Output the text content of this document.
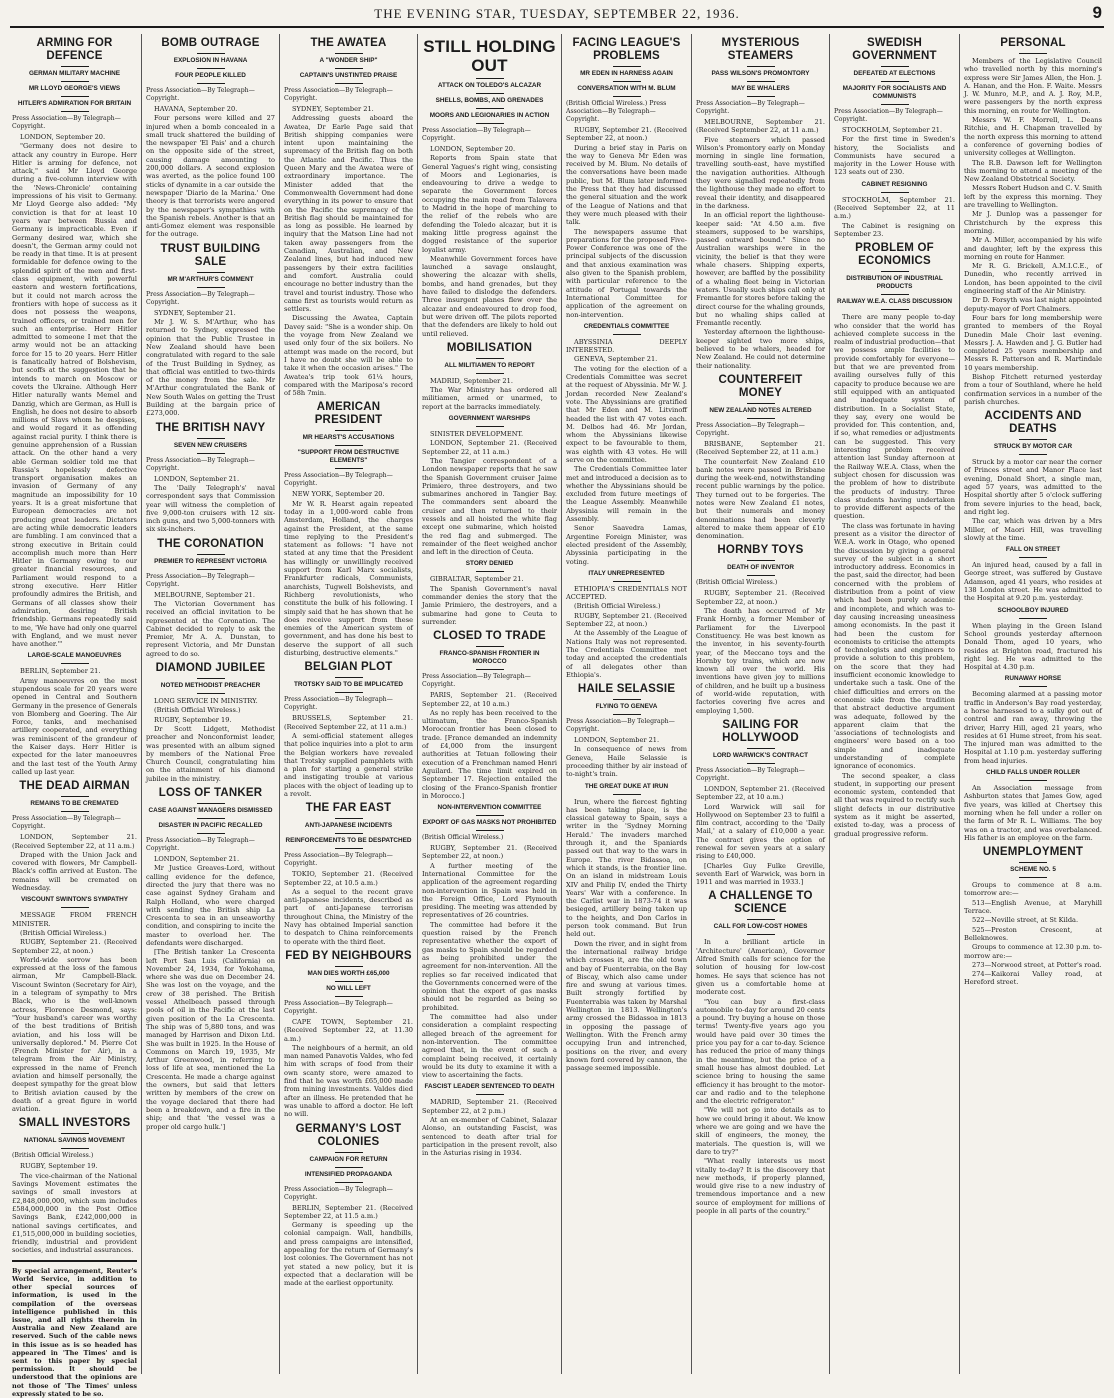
THE EVENING STAR, TUESDAY, SEPTEMBER 22, 1936.	9
ARMING FOR DEFENCE
GERMAN MILITARY MACHINE
MR LLOYD GEORGE'S VIEWS
HITLER'S ADMIRATION FOR BRITAIN
Press Association—By Telegraph—Copyright.

LONDON, September 20.

"Germany does not desire to attack any country in Europe. Herr Hitler is arming for defence, not attack," said Mr Lloyd George during a five-column interview with the 'News-Chronicle' containing impressions of his visit to Germany. Mr Lloyd George also added: "My conviction is that for at least 10 years war between Russia and Germany is impracticable. Even if Germany desired war, which she doesn't, the German army could not be ready in that time. It is at present formidable for defence owing to the splendid spirit of the men and first-class equipment, with powerful eastern and western fortifications, but it could not march across the frontiers with hope of success as it does not possess the weapons, trained officers, or trained men for such an enterprise. Herr Hitler admitted to someone I met that the army would not be an attacking force for 15 to 20 years. Herr Hitler is fanatically hatred of Bolshevism, but scoffs at the suggestion that he intends to march on Moscow or covets the Ukraine. Although Herr Hitler naturally wants Memel and Danzig, which are German, as Hull is English, he does not desire to absorb millions of Slavs whom he despises, and would regard it as offending against racial purity. I think there is genuine apprehension of a Russian attack. On the other hand a very able German soldier told me that Russia's hopelessly defective transport organisation makes an invasion of Germany of any magnitude an impossibility for 10 years. It is a great misfortune that European democracies are not producing great leaders. Dictators are acting while democratic leaders are fumbling. I am convinced that a strong executive in Britain could accomplish much more than Herr Hitler in Germany owing to our greater financial resources, and Parliament would respond to a strong executive. Herr Hitler profoundly admires the British, and Germans of all classes show their admiration, desiring British friendship. Germans repeatedly said to me, 'We have had only one quarrel with England, and we must never have another.'"

LARGE-SCALE MANOEUVRES

BERLIN, September 21.

Army manoeuvres on the most stupendous scale for 20 years were opened in Central and Southern Germany in the presence of Generals von Blomberg and Goering. The Air Force, tanks, and mechanised artillery cooperated, and everything was reminiscent of the grandeur of the Kaiser days. Herr Hitler is expected for the later manoeuvres and the last test of the Youth Army called up last year.

THE DEAD AIRMAN
REMAINS TO BE CREMATED
Press Association—By Telegraph—Copyright.

LONDON, September 21. (Received September 22, at 11 a.m.)

Draped with the Union Jack and covered with flowers, Mr Campbell-Black's coffin arrived at Euston. The remains will be cremated on Wednesday.

VISCOUNT SWINTON'S SYMPATHY

MESSAGE FROM FRENCH MINISTER.

(British Official Wireless.)

RUGBY, September 21. (Received September 22, at noon.)

World-wide sorrow has been expressed at the loss of the famous airman, Mr Campbell-Black. Viscount Swinton (Secretary for Air), in a telegram of sympathy to Mrs Black, who is the well-known actress, Florence Desmond, says: "Your husband's career was worthy of the best traditions of British aviation, and his loss will be universally deplored." M. Pierre Cot (French Minister for Air), in a telegram from the Air Ministry, expressed in the name of French aviation and himself personally, the deepest sympathy for the great blow to British aviation caused by the death of a great figure in world aviation.

SMALL INVESTORS
NATIONAL SAVINGS MOVEMENT
(British Official Wireless.)

RUGBY, September 19.

The vice-chairman of the National Savings Movement estimates the savings of small investors at £2,848,000,000, which sum includes £584,000,000 in the Post Office Savings Bank, £242,000,000 in national savings certificates, and £1,515,000,000 in building societies, friendly, industrial and provident societies, and industrial assurances.

By special arrangement, Reuter's World Service, in addition to other special sources of information, is used in the compilation of the overseas intelligence published in this issue, and all rights therein in Australia and New Zealand are reserved. Such of the cable news in this issue as is so headed has appeared in 'The Times' and is sent to this paper by special permission. It should be understood that the opinions are not those of 'The Times' unless expressly stated to be so.
BOMB OUTRAGE
EXPLOSION IN HAVANA
FOUR PEOPLE KILLED
Press Association—By Telegraph—Copyright.

HAVANA, September 20.

Four persons were killed and 27 injured when a bomb concealed in a small truck shattered the building of the newspaper 'El Pais' and a church on the opposite side of the street, causing damage amounting to 200,000 dollars. A second explosion was averted, as the police found 100 sticks of dynamite in a car outside the newspaper 'Diario de la Marina.' One theory is that terrorists were angered by the newspaper's sympathies with the Spanish rebels. Another is that an anti-Gomez element was responsible for the outrage.

TRUST BUILDING SALE
MR M'ARTHUR'S COMMENT
Press Association—By Telegraph—Copyright.

SYDNEY, September 21.

Mr J. W. S. M'Arthur, who has returned to Sydney, expressed the opinion that the Public Trustee in New Zealand should have been congratulated with regard to the sale of the Trust Building in Sydney, as that official was entitled to two-thirds of the money from the sale. Mr M'Arthur congratulated the Bank of New South Wales on getting the Trust Building at the bargain price of £273,000.

THE BRITISH NAVY
SEVEN NEW CRUISERS
Press Association—By Telegraph—Copyright.

LONDON, September 21.

The 'Daily Telegraph's' naval correspondent says that Commission year will witness the completion of five 9,000-ton cruisers with 12 six-inch guns, and two 5,000-tonners with six six-inchers.

THE CORONATION
PREMIER TO REPRESENT VICTORIA
Press Association—By Telegraph—Copyright.

MELBOURNE, September 21.

The Victorian Government has received an official invitation to be represented at the Coronation. The Cabinet decided to reply to ask the Premier, Mr A. A. Dunstan, to represent Victoria, and Mr Dunstan agreed to do so.

DIAMOND JUBILEE
NOTED METHODIST PREACHER

LONG SERVICE IN MINISTRY.

(British Official Wireless.)

RUGBY, September 19.

Dr Scott Lidgett, Methodist preacher and Nonconformist leader, was presented with an album signed by members of the National Free Church Council, congratulating him on the attainment of his diamond jubilee in the ministry.

LOSS OF TANKER
CASE AGAINST MANAGERS DISMISSED
DISASTER IN PACIFIC RECALLED
Press Association—By Telegraph—Copyright.

LONDON, September 21.

Mr Justice Greaves-Lord, without calling evidence for the defence, directed the jury that there was no case against Sydney Graham and Ralph Holland, who were charged with sending the British ship La Crescenta to sea in an unseaworthy condition, and conspiring to incite the master to overload her. The defendants were discharged.

[The British tanker La Crescenta left Port San Luis (California) on November 24, 1934, for Yokohama, where she was due on December 24. She was lost on the voyage, and the crew of 38 perished. The British vessel Athelbeach passed through pools of oil in the Pacific at the last given position of the La Crescenta. The ship was of 5,880 tons, and was managed by Harrison and Dixon Ltd. She was built in 1925. In the House of Commons on March 19, 1935, Mr Arthur Greenwood, in referring to loss of life at sea, mentioned the La Crescenta. He made a charge against the owners, but said that letters written by members of the crew on the voyage declared that there had been a breakdown, and a fire in the ship; and that 'the vessel was a proper old cargo hulk.']

THE AWATEA
A "WONDER SHIP"
CAPTAIN'S UNSTINTED PRAISE
Press Association—By Telegraph—Copyright.

SYDNEY, September 21.

Addressing guests aboard the Awatea, Dr Earle Page said that British shipping companies were intent upon maintaining the supremacy of the British flag on both the Atlantic and Pacific. Thus the Queen Mary and the Awatea were of extraordinary importance. The Minister added that the Commonwealth Government had done everything in its power to ensure that on the Pacific the supremacy of the British flag should be maintained for as long as possible. He learned by inquiry that the Matson Line had not taken away passengers from the Canadian, Australian, and New Zealand lines, but had induced new passengers by their extra facilities and comfort. Australia could encourage no better industry than the travel and tourist industry. Those who came first as tourists would return as settlers.

Discussing the Awatea, Captain Davey said: "She is a wonder ship. On the voyage from New Zealand we used only four of the six boilers. No attempt was made on the record, but I have no doubt she will be able to take it when the occasion arises." The Awatea's trip took 61¼ hours, compared with the Mariposa's record of 58h 7min.

AMERICAN PRESIDENT
MR HEARST'S ACCUSATIONS
"SUPPORT FROM DESTRUCTIVE ELEMENTS"
Press Association—By Telegraph—Copyright.

NEW YORK, September 20.

Mr W. R. Hearst again repeated today in a 1,000-word cable from Amsterdam, Holland, the charges against the President, at the same time replying to the President's statement as follows: "I have not stated at any time that the President has willingly or unwillingly received support from Karl Marx socialists, Frankfurter radicals, Communists, anarchists, Tugwell Bolshevists, and Richberg revolutionists, who constitute the bulk of his following. I simply said that he has shown that he does receive support from these enemies of the American system of government, and has done his best to deserve the support of all such disturbing, destructive elements."

BELGIAN PLOT
TROTSKY SAID TO BE IMPLICATED
Press Association—By Telegraph—Copyright.

BRUSSELS, September 21. (Received September 22, at 11 a.m.)

A semi-official statement alleges that police inquiries into a plot to arm the Belgian workers have revealed that Trotsky supplied pamphlets with a plan for starting a general strike and instigating trouble at various places with the object of leading up to a revolt.

THE FAR EAST
ANTI-JAPANESE INCIDENTS
REINFORCEMENTS TO BE DESPATCHED
Press Association—By Telegraph—Copyright.

TOKIO, September 21. (Received September 22, at 10.5 a.m.)

As a sequel to the recent grave anti-Japanese incidents, described as part of anti-Japanese terrorism throughout China, the Ministry of the Navy has obtained Imperial sanction to despatch to China reinforcements to operate with the third fleet.

FED BY NEIGHBOURS
MAN DIES WORTH £65,000
NO WILL LEFT
Press Association—By Telegraph—Copyright.

CAPE TOWN, September 21. (Received September 22, at 11.30 a.m.)

The neighbours of a hermit, an old man named Panavotis Valdes, who fed him with scraps of food from their own scanty store, were amazed to find that he was worth £65,000 made from mining investments. Valdes died after an illness. He pretended that he was unable to afford a doctor. He left no will.

GERMANY'S LOST COLONIES
CAMPAIGN FOR RETURN
INTENSIFIED PROPAGANDA
Press Association—By Telegraph—Copyright.

BERLIN, September 21. (Received September 22, at 11.5 a.m.)

Germany is speeding up the colonial campaign. Wall, handbills, and press campaigns are intensified, appealing for the return of Germany's lost colonies. The Government has not yet stated a new policy, but it is expected that a declaration will be made at the earliest opportunity.

STILL HOLDING OUT
ATTACK ON TOLEDO'S ALCAZAR
SHELLS, BOMBS, AND GRENADES
MOORS AND LEGIONARIES IN ACTION
Press Association—By Telegraph—Copyright.

LONDON, September 20.

Reports from Spain state that General Yagues's right wing, consisting of Moors and Legionaries, is endeavouring to drive a wedge to separate the Government forces occupying the main road from Talavera to Madrid in the hope of marching to the relief of the rebels who are defending the Toledo alcazar, but it is making little progress against the dogged resistance of the superior loyalist army.

Meanwhile Government forces have launched a savage onslaught, showering the alcazar with shells, bombs, and hand grenades, but they have failed to dislodge the defenders. Three insurgent planes flew over the alcazar and endeavoured to drop food, but were driven off. The pilots reported that the defenders are likely to hold out until relieved.

MOBILISATION
ALL MILITIAMEN TO REPORT

MADRID, September 21.

The War Ministry has ordered all militiamen, armed or unarmed, to report at the barracks immediately.

GOVERNMENT WARSHIPS

SINISTER DEVELOPMENT.

LONDON, September 21. (Received September 22, at 11 a.m.)

The Tangier correspondent of a London newspaper reports that he saw the Spanish Government cruiser Jaime Primiero, three destroyers, and two submarines anchored in Tangier Bay. The commanders sent aboard the cruiser and then returned to their vessels and all hoisted the white flag except one submarine, which hoisted the red flag and submerged. The remainder of the fleet weighed anchor and left in the direction of Ceuta.

STORY DENIED

GIBRALTAR, September 21.

The Spanish Government's naval commander denies the story that the Jamie Primiero, the destroyers, and a submarine had gone to Ceuta to surrender.

CLOSED TO TRADE
FRANCO-SPANISH FRONTIER IN MOROCCO
Press Association—By Telegraph—Copyright.

PARIS, September 21. (Received September 22, at 10 a.m.)

As no reply has been received to the ultimatum, the Franco-Spanish Moroccan frontier has been closed to trade. [France demanded an indemnity of £4,000 from the insurgent authorities at Tetuan following their execution of a Frenchman named Henri Aguilard. The time limit expired on September 17. Rejection entailed the closing of the Franco-Spanish frontier in Morocco.]

NON-INTERVENTION COMMITTEE
EXPORT OF GAS MASKS NOT PROHIBITED
(British Official Wireless.)

RUGBY, September 21. (Received September 22, at noon.)

A further meeting of the International Committee for the application of the agreement regarding non-intervention in Spain was held in the Foreign Office, Lord Plymouth presiding. The meeting was attended by representatives of 26 countries.

The committee had before it the question raised by the French representative whether the export of gas masks to Spain should be regarded as being prohibited under the agreement for non-intervention. All the replies so far received indicated that the Governments concerned were of the opinion that the export of gas masks should not be regarded as being so prohibited.

The committee had also under consideration a complaint respecting alleged breach of the agreement for non-intervention. The committee agreed that, in the event of such a complaint being received, it certainly would be its duty to examine it with a view to ascertaining the facts.

FASCIST LEADER SENTENCED TO DEATH

MADRID, September 21. (Received September 22, at 2 p.m.)

At an ex-member of Cabinet, Salazar Alonso, an outstanding Fascist, was sentenced to death after trial for participation in the present revolt, also in the Asturias rising in 1934.

FACING LEAGUE'S PROBLEMS
MR EDEN IN HARNESS AGAIN
CONVERSATION WITH M. BLUM
(British Official Wireless.) Press Association—By Telegraph—Copyright.

RUGBY, September 21. (Received September 22, at noon.)

During a brief stay in Paris on the way to Geneva Mr Eden was received by M. Blum. No details of the conversations have been made public, but M. Blum later informed the Press that they had discussed the general situation and the work of the League of Nations and that they were much pleased with their talk.

The newspapers assume that preparations for the proposed Five-Power Conference was one of the principal subjects of the discussion and that anxious examination was also given to the Spanish problem, with particular reference to the attitude of Portugal towards the International Committee for application of the agreement on non-intervention.

CREDENTIALS COMMITTEE

ABYSSINIA DEEPLY INTERESTED.

GENEVA, September 21.

The voting for the election of a Credentials Committee was secret at the request of Abyssinia. Mr W. J. Jordan recorded New Zealand's vote. The Abyssinians are gratified that Mr Eden and M. Litvinoff headed the list with 47 votes each. M. Delbos had 46. Mr Jordan, whom the Abyssinians likewise expect to be favourable to them, was eighth with 43 votes. He will serve on the committee.

The Credentials Committee later met and introduced a decision as to whether the Abyssinians should be excluded from future meetings of the League Assembly. Meanwhile Abyssinia will remain in the Assembly.

Senor Saavedra Lamas, Argentine Foreign Minister, was elected president of the Assembly, Abyssinia participating in the voting.

ITALY UNREPRESENTED

ETHIOPIA'S CREDENTIALS NOT ACCEPTED.

(British Official Wireless.)

RUGBY, September 21. (Received September 22, at noon.)

At the Assembly of the League of Nations Italy was not represented. The Credentials Committee met today and accepted the credentials of all delegates other than Ethiopia's.

HAILE SELASSIE
FLYING TO GENEVA
Press Association—By Telegraph—Copyright.

LONDON, September 21.

In consequence of news from Geneva, Haile Selassie is proceeding thither by air instead of to-night's train.

THE GREAT DUKE AT IRUN

Irun, where the fiercest fighting has been taking place, is the classical gateway to Spain, says a writer in the 'Sydney Morning Herald.' The invaders marched through it, and the Spaniards passed out that way to the wars in Europe. The river Bidassoa, on which it stands, is the frontier line. On an island in midstream Louis XIV and Philip IV, ended the Thirty Years' War with a conference. In the Carlist war in 1873-74 it was besieged, artillery being taken up to the heights, and Don Carlos in person took command. But Irun held out.

Down the river, and in sight from the international railway bridge which crosses it, are the old town and bay of Fuenterrabia, on the Bay of Biscay, which also came under fire and swung at various times. Built strongly fortified by Fuenterrabia was taken by Marshal Wellington in 1813. Wellington's army crossed the Bidassoa in 1813 in opposing the passage of Wellington. With the French army occupying Irun and intrenched, positions on the river, and every known ford covered by cannon, the passage seemed impossible.

MYSTERIOUS STEAMERS
PASS WILSON'S PROMONTORY
MAY BE WHALERS
Press Association—By Telegraph—Copyright.

MELBOURNE, September 21. (Received September 22, at 11 a.m.)

Five steamers which passed Wilson's Promontory early on Monday morning in single line formation, travelling south-east, have mystified the navigation authorities. Although they were signalled repeatedly from the lighthouse they made no effort to reveal their identity, and disappeared in the darkness.

In an official report the lighthouse-keeper said: "At 4.50 a.m. five steamers, supposed to be warships, passed outward bound." Since no Australian warships were in the vicinity, the belief is that they were whale chasers. Shipping experts, however, are baffled by the possibility of a whaling fleet being in Victorian waters. Usually such ships call only at Fremantle for stores before taking the direct course for the whaling grounds, but no whaling ships called at Fremantle recently.

Yesterday afternoon the lighthouse-keeper sighted two more ships, believed to be whalers, headed for New Zealand. He could not determine their nationality.

COUNTERFEIT MONEY
NEW ZEALAND NOTES ALTERED
Press Association—By Telegraph—Copyright.

BRISBANE, September 21. (Received September 22, at 11 a.m.)

The counterfeit New Zealand £10 bank notes were passed in Brisbane during the week-end, notwithstanding recent public warnings by the police. They turned out to be forgeries. The notes were New Zealand £1 notes, but their numerals and money denominations had been cleverly altered to make them appear of £10 denomination.

HORNBY TOYS
DEATH OF INVENTOR
(British Official Wireless.)

RUGBY, September 21. (Received September 22, at noon.)

The death has occurred of Mr Frank Hornby, a former Member of Parliament for the Liverpool Constituency. He was best known as the inventor, in his seventy-fourth year, of the Meccano toys and the Hornby toy trains, which are now known all over the world. His inventions have given joy to millions of children, and he built up a business of world-wide reputation, with factories covering five acres and employing 1,500.

SAILING FOR HOLLYWOOD
LORD WARWICK'S CONTRACT
Press Association—By Telegraph—Copyright.

LONDON, September 21. (Received September 22, at 10 a.m.)

Lord Warwick will sail for Hollywood on September 23 to fulfil a film contract, according to the 'Daily Mail,' at a salary of £10,000 a year. The contract gives the option of renewal for seven years at a salary rising to £40,000.

[Charles Guy Fulke Greville, seventh Earl of Warwick, was born in 1911 and was married in 1933.]

A CHALLENGE TO SCIENCE
CALL FOR LOW-COST HOMES

In a brilliant article in 'Architecture' (American), Governor Alfred Smith calls for science for the solution of housing for low-cost homes. He says that science has not given us a comfortable home at moderate cost.

"You can buy a first-class automobile to-day for around 20 cents a pound. Try buying a house on those terms! Twenty-five years ago you would have paid over 30 times the price you pay for a car to-day. Science has reduced the price of many things in the meantime, but the price of a small house has almost doubled. Let science bring to housing the same efficiency it has brought to the motor-car and radio and to the telephone and the electric refrigerator."

"We will not go into details as to how we could bring it about. We know where we are going and we have the skill of engineers, the money, the materials. The question is, will we dare to try?"

"What really interests us most vitally to-day? It is the discovery that new methods, if properly planned, would give rise to a new industry of tremendous importance and a new source of employment for millions of people in all parts of the country."

SWEDISH GOVERNMENT
DEFEATED AT ELECTIONS
MAJORITY FOR SOCIALISTS AND COMMUNISTS
Press Association—By Telegraph—Copyright.

STOCKHOLM, September 21.

For the first time in Sweden's history, the Socialists and Communists have secured a majority in the Lower House with 123 seats out of 230.

CABINET RESIGNING

STOCKHOLM, September 21. (Received September 22, at 11 a.m.)

The Cabinet is resigning on September 23.

PROBLEM OF ECONOMICS
DISTRIBUTION OF INDUSTRIAL PRODUCTS
RAILWAY W.E.A. CLASS DISCUSSION

There are many people to-day who consider that the world has achieved complete success in the realm of industrial production—that we possess ample facilities to provide comfortably for everyone—but that we are prevented from availing ourselves fully of this capacity to produce because we are still equipped with an antiquated and inadequate system of distribution. In a Socialist State, they say, every one would be provided for. This contention, and, if so, what remedies or adjustments can be suggested. This very interesting problem received attention last Sunday afternoon at the Railway W.E.A. Class, when the subject chosen for discussion was the problem of how to distribute the products of industry. Three class students having undertaken to provide different aspects of the question.

The class was fortunate in having present as a visitor the director of W.E.A. work in Otago, who opened the discussion by giving a general survey of the subject in a short introductory address. Economics in the past, said the director, had been concerned with the problem of distribution from a point of view which had been purely academic and incomplete, and which was to-day causing increasing uneasiness among economists. In the past it had been the custom for economists to criticise the attempts of technologists and engineers to provide a solution to this problem, on the score that they had insufficient economic knowledge to undertake such a task. One of the chief difficulties and errors on the economic side from the tradition that abstract deductive argument was adequate, followed by the apparent claim that the 'associations of technologists and engineers' were based on a too simple and inadequate understanding of complete ignorance of economics.

The second speaker, a class student, in supporting our present economic system, contended that all that was required to rectify such slight defects in our distributive system as it might be asserted, existed to-day, was a process of gradual progressive reform.

PERSONAL

Members of the Legislative Council who travelled north by this morning's express were Sir James Allen, the Hon. J. A. Hanan, and the Hon. F. Waite. Messrs J. W. Munro, M.P., and A. J. Roy, M.P., were passengers by the north express this morning, en route for Wellington.

Messrs W. F. Morrell, L. Deans Ritchie, and H. Chapman travelled by the north express this morning to attend a conference of governing bodies of university colleges at Wellington.

The R.B. Dawson left for Wellington this morning to attend a meeting of the New Zealand Obstetrical Society.

Messrs Robert Hudson and C. V. Smith left by the express this morning. They are travelling to Wellington.

Mr J. Dunlop was a passenger for Christchurch by the express this morning.

Mr A. Miller, accompanied by his wife and daughter, left by the express this morning en route for Hanmer.

Mr R. G. Brickell, A.M.I.C.E., of Dunedin, who recently arrived in London, has been appointed to the civil engineering staff of the Air Ministry.

Dr D. Forsyth was last night appointed deputy-mayor of Port Chalmers.

Four bars for long membership were granted to members of the Royal Dunedin Male Choir last evening. Messrs J. A. Hawden and J. G. Butler had completed 25 years membership and Messrs R. Patterson and R. Martindale 10 years membership.

Bishop Fitchett returned yesterday from a tour of Southland, where he held confirmation services in a number of the parish churches.

ACCIDENTS AND DEATHS
STRUCK BY MOTOR CAR

Struck by a motor car near the corner of Princes street and Manor Place last evening, Donald Short, a single man, aged 57 years, was admitted to the Hospital shortly after 5 o'clock suffering from severe injuries to the head, back, and right leg.

The car, which was driven by a Mrs Miller, of Maori Hill, was travelling slowly at the time.

FALL ON STREET

An injured head, caused by a fall in George street, was suffered by Gustave Adamson, aged 41 years, who resides at 138 London street. He was admitted to the Hospital at 9.20 p.m. yesterday.

SCHOOLBOY INJURED

When playing in the Green Island School grounds yesterday afternoon Donald Thom, aged 10 years, who resides at Brighton road, fractured his right leg. He was admitted to the Hospital at 4.30 p.m.

RUNAWAY HORSE

Becoming alarmed at a passing motor traffic in Anderson's Bay road yesterday, a horse harnessed to a sulky got out of control and ran away, throwing the driver, Harry Hill, aged 21 years, who resides at 61 Hume street, from his seat. The injured man was admitted to the Hospital at 1.10 p.m. yesterday suffering from head injuries.

CHILD FALLS UNDER ROLLER

An Association message from Ashburton states that James Gow, aged five years, was killed at Chertsey this morning when he fell under a roller on the farm of Mr R. L. Williams. The boy was on a tractor, and was overbalanced. His father is an employee on the farm.

UNEMPLOYMENT
SCHEME NO. 5

Groups to commence at 8 a.m. tomorrow are:—

513—English Avenue, at Maryhill Terrace.

522—Neville street, at St Kilda.

525—Preston Crescent, at Belleknowes.

Groups to commence at 12.30 p.m. to-morrow are:—

273—Norwood street, at Potter's road.

274—Kaikorai Valley road, at Hereford street.
